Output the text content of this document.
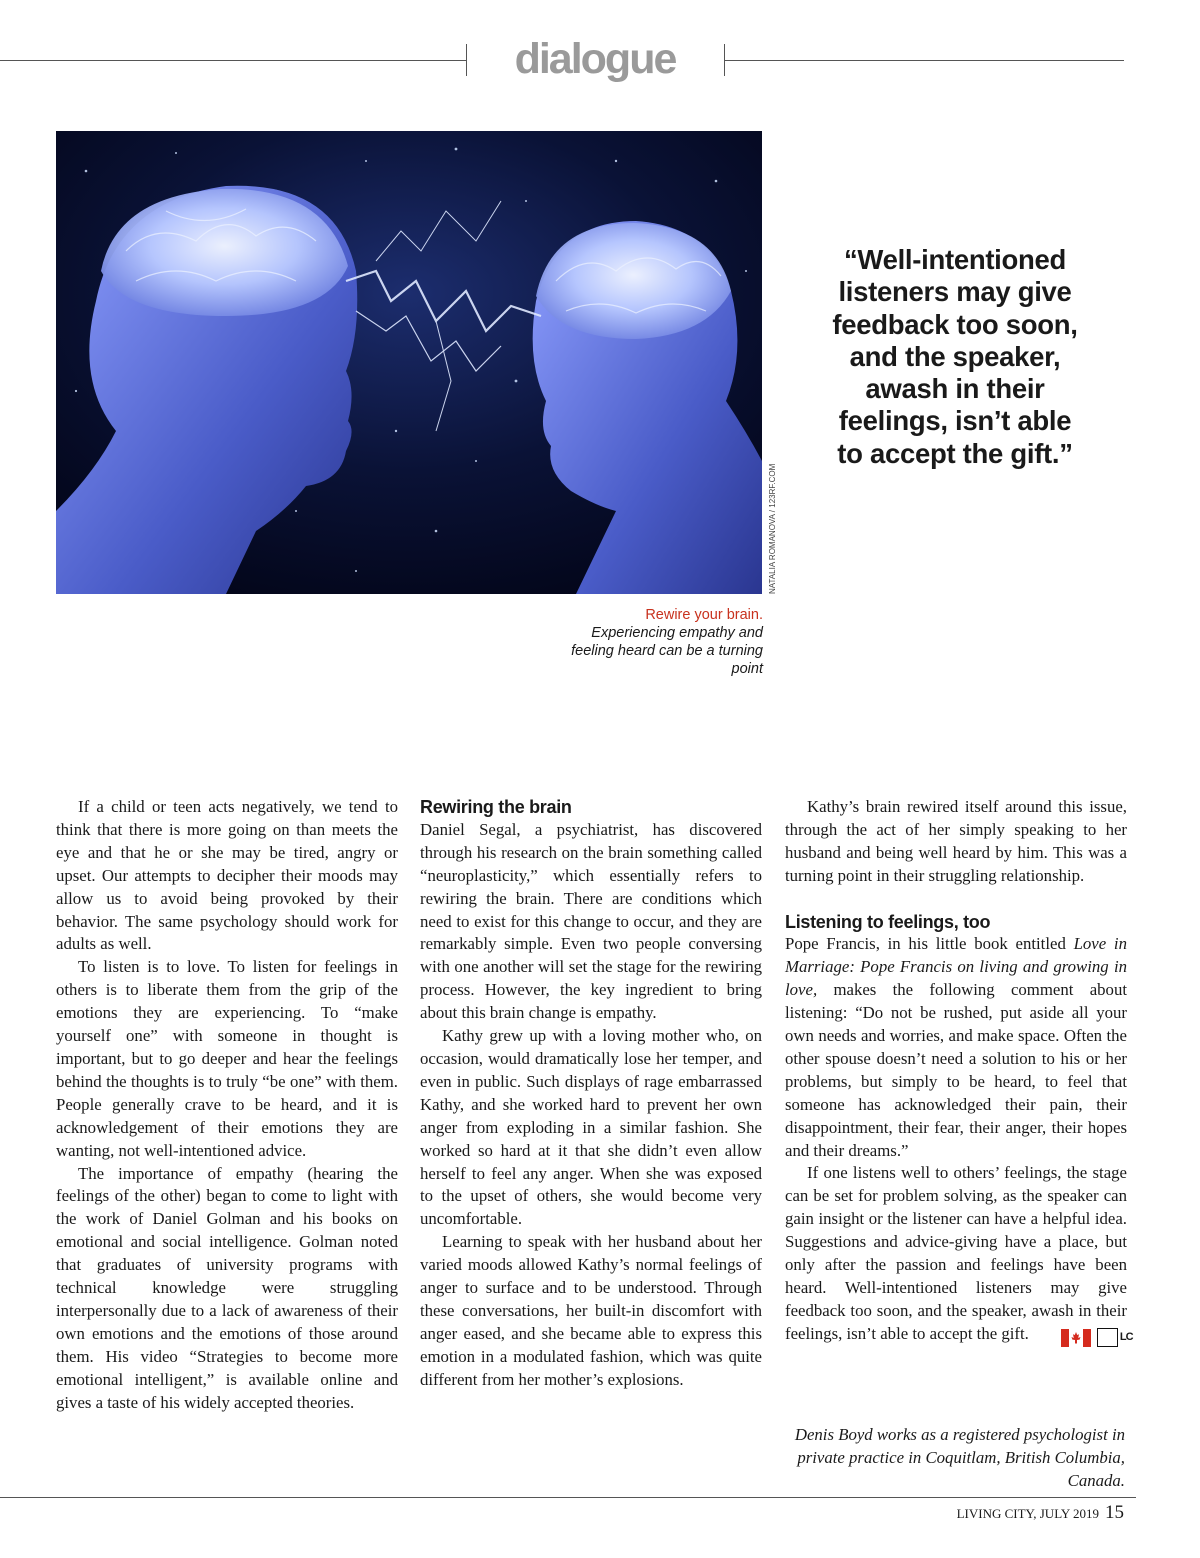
dialogue
NATALIA ROMANOVA / 123RF.COM
Rewire your brain.
Experiencing empathy and feeling heard can be a turning point
“Well-intentioned listeners may give feedback too soon, and the speaker, awash in their feelings, isn’t able to accept the gift.”

If a child or teen acts negatively, we tend to think that there is more going on than meets the eye and that he or she may be tired, angry or upset. Our attempts to decipher their moods may allow us to avoid being provoked by their behavior. The same psychology should work for adults as well.

To listen is to love. To listen for feelings in others is to liberate them from the grip of the emotions they are experiencing. To “make yourself one” with someone in thought is important, but to go deeper and hear the feelings behind the thoughts is to truly “be one” with them. People generally crave to be heard, and it is acknowledgement of their emotions they are wanting, not well-intentioned advice.

The importance of empathy (hearing the feelings of the other) began to come to light with the work of Daniel Golman and his books on emotional and social intelligence. Golman noted that graduates of university programs with technical knowledge were struggling interpersonally due to a lack of awareness of their own emotions and the emotions of those around them. His video “Strategies to become more emotional intelligent,” is available online and gives a taste of his widely accepted theories.

Rewiring the brain

Daniel Segal, a psychiatrist, has discovered through his research on the brain something called “neuroplasticity,” which essentially refers to rewiring the brain. There are conditions which need to exist for this change to occur, and they are remarkably simple. Even two people conversing with one another will set the stage for the rewiring process. However, the key ingredient to bring about this brain change is empathy.

Kathy grew up with a loving mother who, on occasion, would dramatically lose her temper, and even in public. Such displays of rage embarrassed Kathy, and she worked hard to prevent her own anger from exploding in a similar fashion. She worked so hard at it that she didn’t even allow herself to feel any anger. When she was exposed to the upset of others, she would become very uncomfortable.

Learning to speak with her husband about her varied moods allowed Kathy’s normal feelings of anger to surface and to be understood. Through these conversations, her built-in discomfort with anger eased, and she became able to express this emotion in a modulated fashion, which was quite different from her mother’s explosions.

Kathy’s brain rewired itself around this issue, through the act of her simply speaking to her husband and being well heard by him. This was a turning point in their struggling relationship.

Listening to feelings, too

Pope Francis, in his little book entitled Love in Marriage: Pope Francis on living and growing in love, makes the following comment about listening: “Do not be rushed, put aside all your own needs and worries, and make space. Often the other spouse doesn’t need a solution to his or her problems, but simply to be heard, to feel that someone has acknowledged their pain, their disappointment, their fear, their anger, their hopes and their dreams.”

If one listens well to others’ feelings, the stage can be set for problem solving, as the speaker can gain insight or the listener can have a helpful idea. Suggestions and advice-giving have a place, but only after the passion and feelings have been heard. Well-intentioned listeners may give feedback too soon, and the speaker, awash in their feelings, isn’t able to accept the gift.	LC

Denis Boyd works as a registered psychologist in private practice in Coquitlam, British Columbia, Canada.
LIVING CITY, JULY 2019 15
